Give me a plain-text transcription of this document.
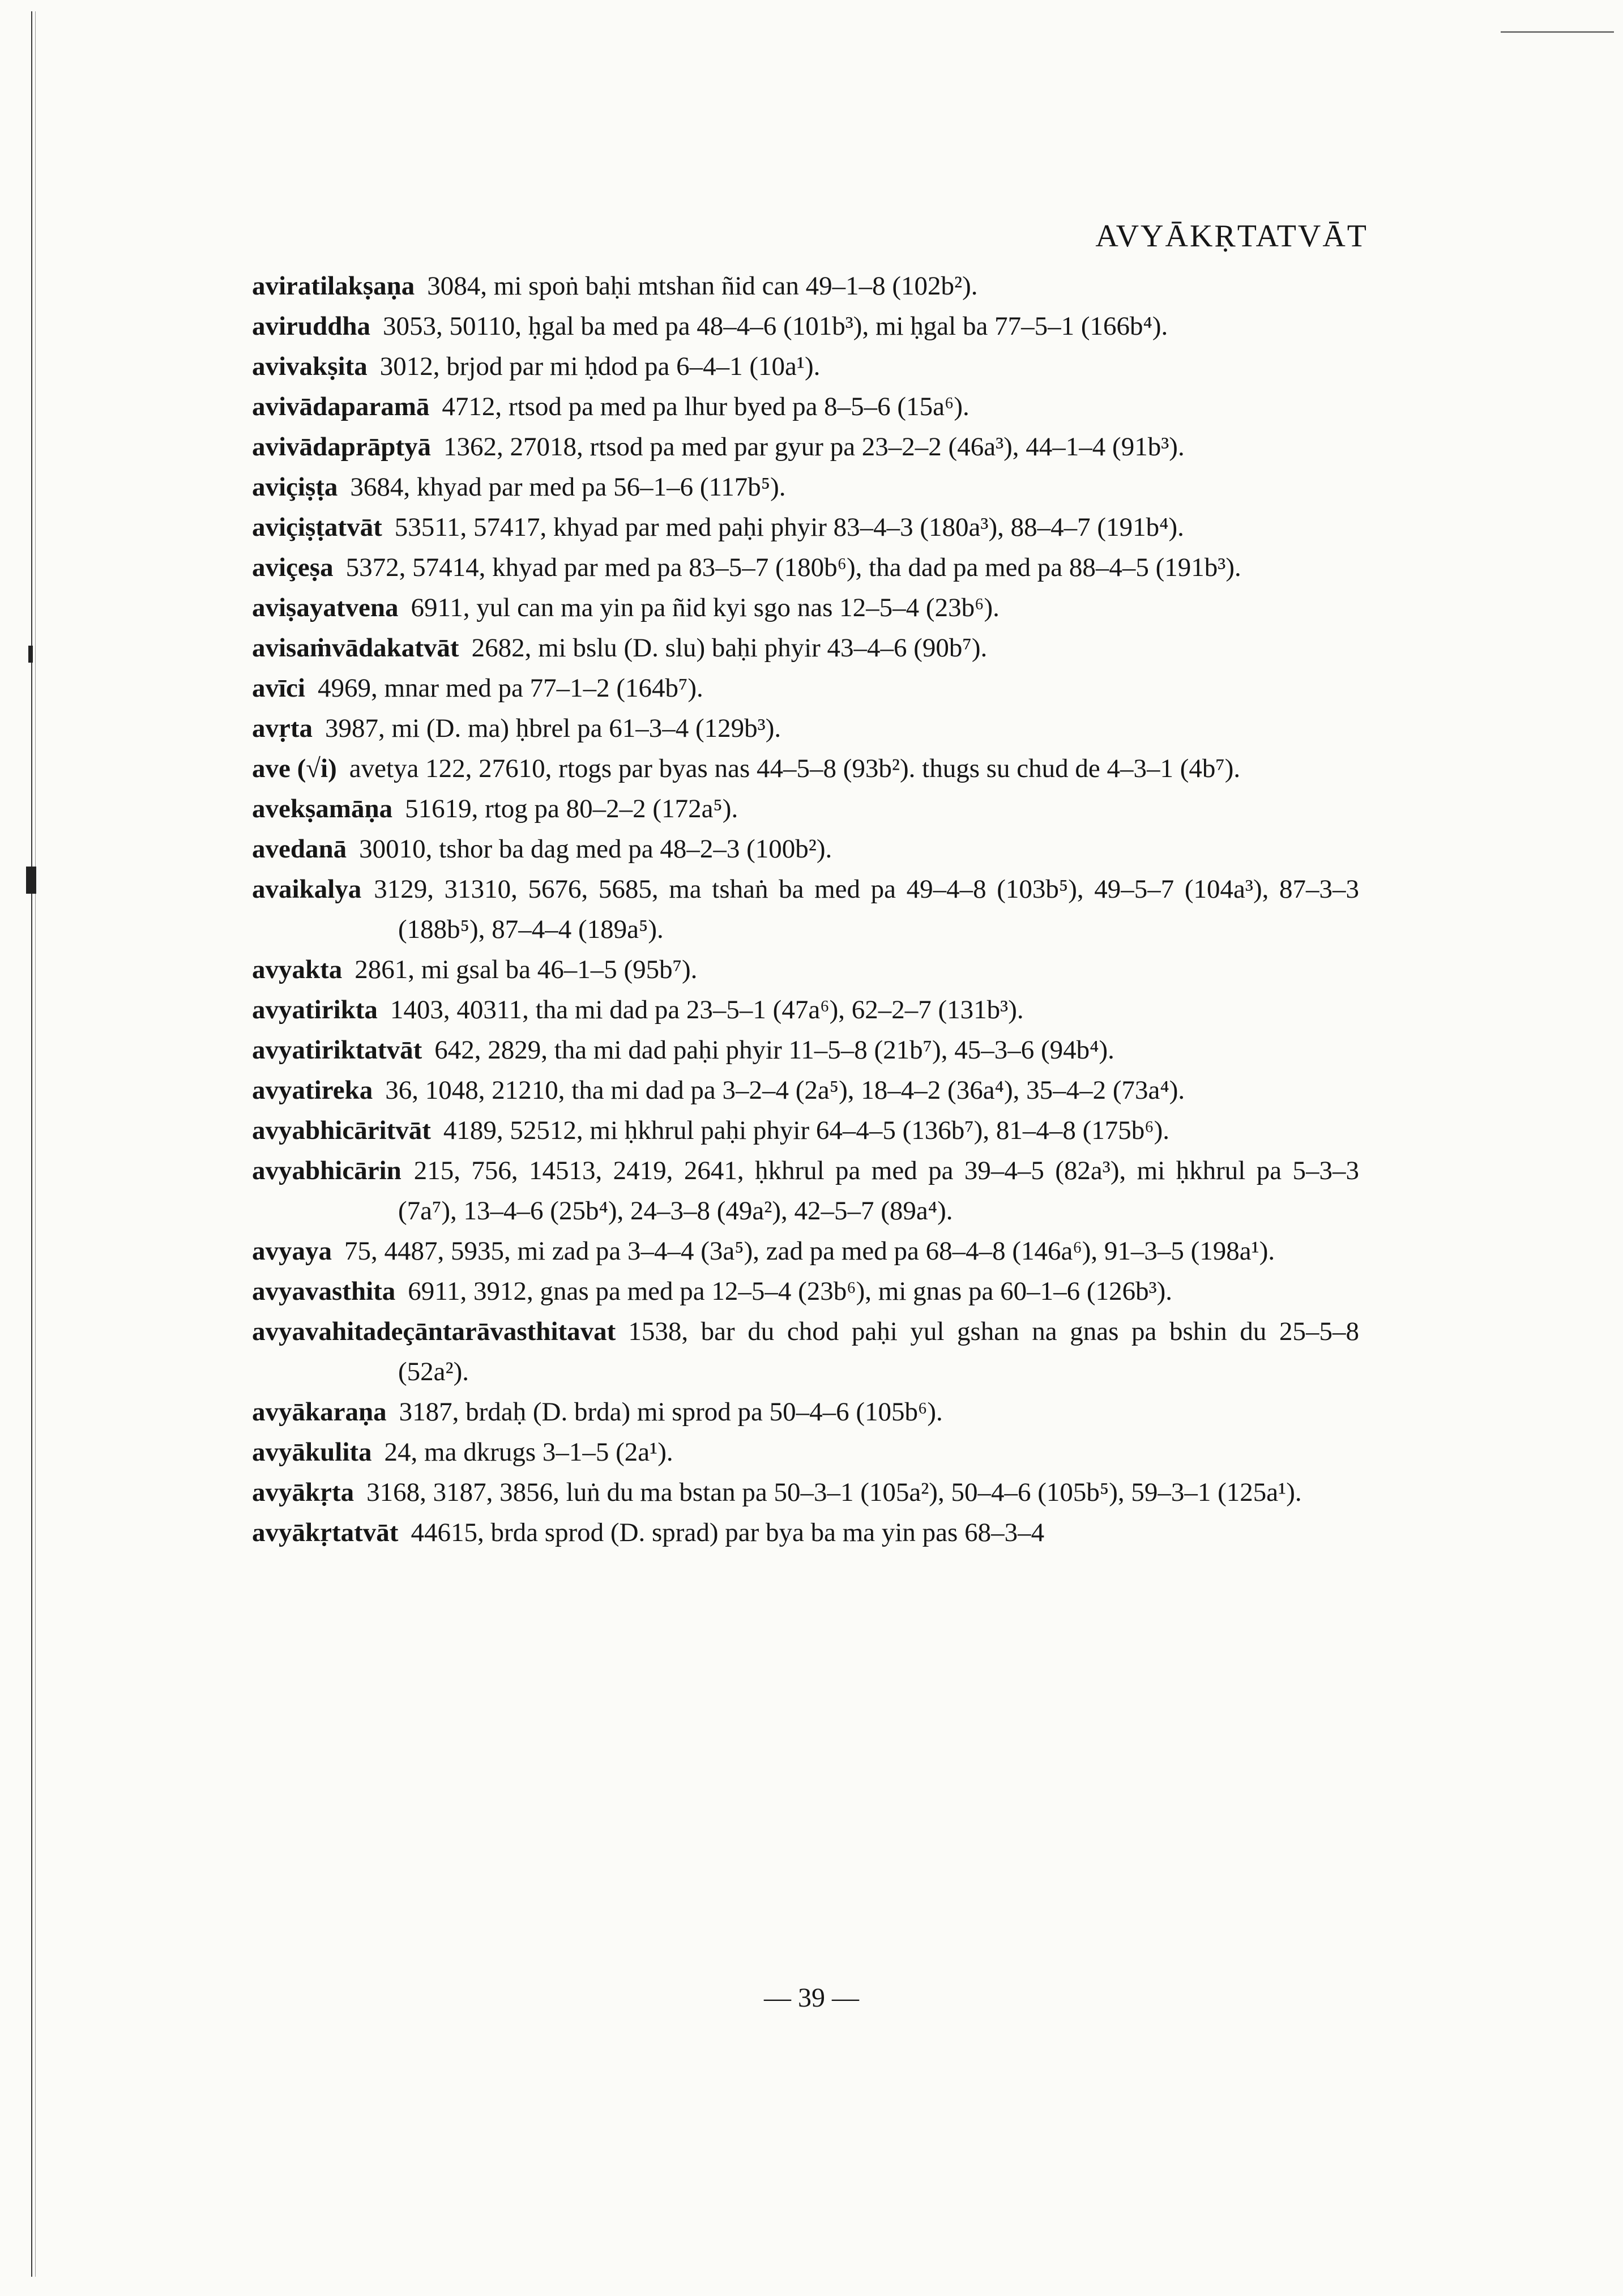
AVYĀKṚTATVĀT
aviratilakṣaṇa 3084, mi spoṅ baḥi mtshan ñid can 49–1–8 (102b²).
aviruddha 3053, 50110, ḥgal ba med pa 48–4–6 (101b³), mi ḥgal ba 77–5–1 (166b⁴).
avivakṣita 3012, brjod par mi ḥdod pa 6–4–1 (10a¹).
avivādaparamā 4712, rtsod pa med pa lhur byed pa 8–5–6 (15a⁶).
avivādaprāptyā 1362, 27018, rtsod pa med par gyur pa 23–2–2 (46a³), 44–1–4 (91b³).
aviçiṣṭa 3684, khyad par med pa 56–1–6 (117b⁵).
aviçiṣṭatvāt 53511, 57417, khyad par med paḥi phyir 83–4–3 (180a³), 88–4–7 (191b⁴).
aviçeṣa 5372, 57414, khyad par med pa 83–5–7 (180b⁶), tha dad pa med pa 88–4–5 (191b³).
aviṣayatvena 6911, yul can ma yin pa ñid kyi sgo nas 12–5–4 (23b⁶).
avisaṁvādakatvāt 2682, mi bslu (D. slu) baḥi phyir 43–4–6 (90b⁷).
avīci 4969, mnar med pa 77–1–2 (164b⁷).
avṛta 3987, mi (D. ma) ḥbrel pa 61–3–4 (129b³).
ave (√i) avetya 122, 27610, rtogs par byas nas 44–5–8 (93b²). thugs su chud de 4–3–1 (4b⁷).
avekṣamāṇa 51619, rtog pa 80–2–2 (172a⁵).
avedanā 30010, tshor ba dag med pa 48–2–3 (100b²).
avaikalya 3129, 31310, 5676, 5685, ma tshaṅ ba med pa 49–4–8 (103b⁵), 49–5–7 (104a³), 87–3–3 (188b⁵), 87–4–4 (189a⁵).
avyakta 2861, mi gsal ba 46–1–5 (95b⁷).
avyatirikta 1403, 40311, tha mi dad pa 23–5–1 (47a⁶), 62–2–7 (131b³).
avyatiriktatvāt 642, 2829, tha mi dad paḥi phyir 11–5–8 (21b⁷), 45–3–6 (94b⁴).
avyatireka 36, 1048, 21210, tha mi dad pa 3–2–4 (2a⁵), 18–4–2 (36a⁴), 35–4–2 (73a⁴).
avyabhicāritvāt 4189, 52512, mi ḥkhrul paḥi phyir 64–4–5 (136b⁷), 81–4–8 (175b⁶).
avyabhicārin 215, 756, 14513, 2419, 2641, ḥkhrul pa med pa 39–4–5 (82a³), mi ḥkhrul pa 5–3–3 (7a⁷), 13–4–6 (25b⁴), 24–3–8 (49a²), 42–5–7 (89a⁴).
avyaya 75, 4487, 5935, mi zad pa 3–4–4 (3a⁵), zad pa med pa 68–4–8 (146a⁶), 91–3–5 (198a¹).
avyavasthita 6911, 3912, gnas pa med pa 12–5–4 (23b⁶), mi gnas pa 60–1–6 (126b³).
avyavahitadeçāntarāvasthitavat 1538, bar du chod paḥi yul gshan na gnas pa bshin du 25–5–8 (52a²).
avyākaraṇa 3187, brdaḥ (D. brda) mi sprod pa 50–4–6 (105b⁶).
avyākulita 24, ma dkrugs 3–1–5 (2a¹).
avyākṛta 3168, 3187, 3856, luṅ du ma bstan pa 50–3–1 (105a²), 50–4–6 (105b⁵), 59–3–1 (125a¹).
avyākṛtatvāt 44615, brda sprod (D. sprad) par bya ba ma yin pas 68–3–4
— 39 —
